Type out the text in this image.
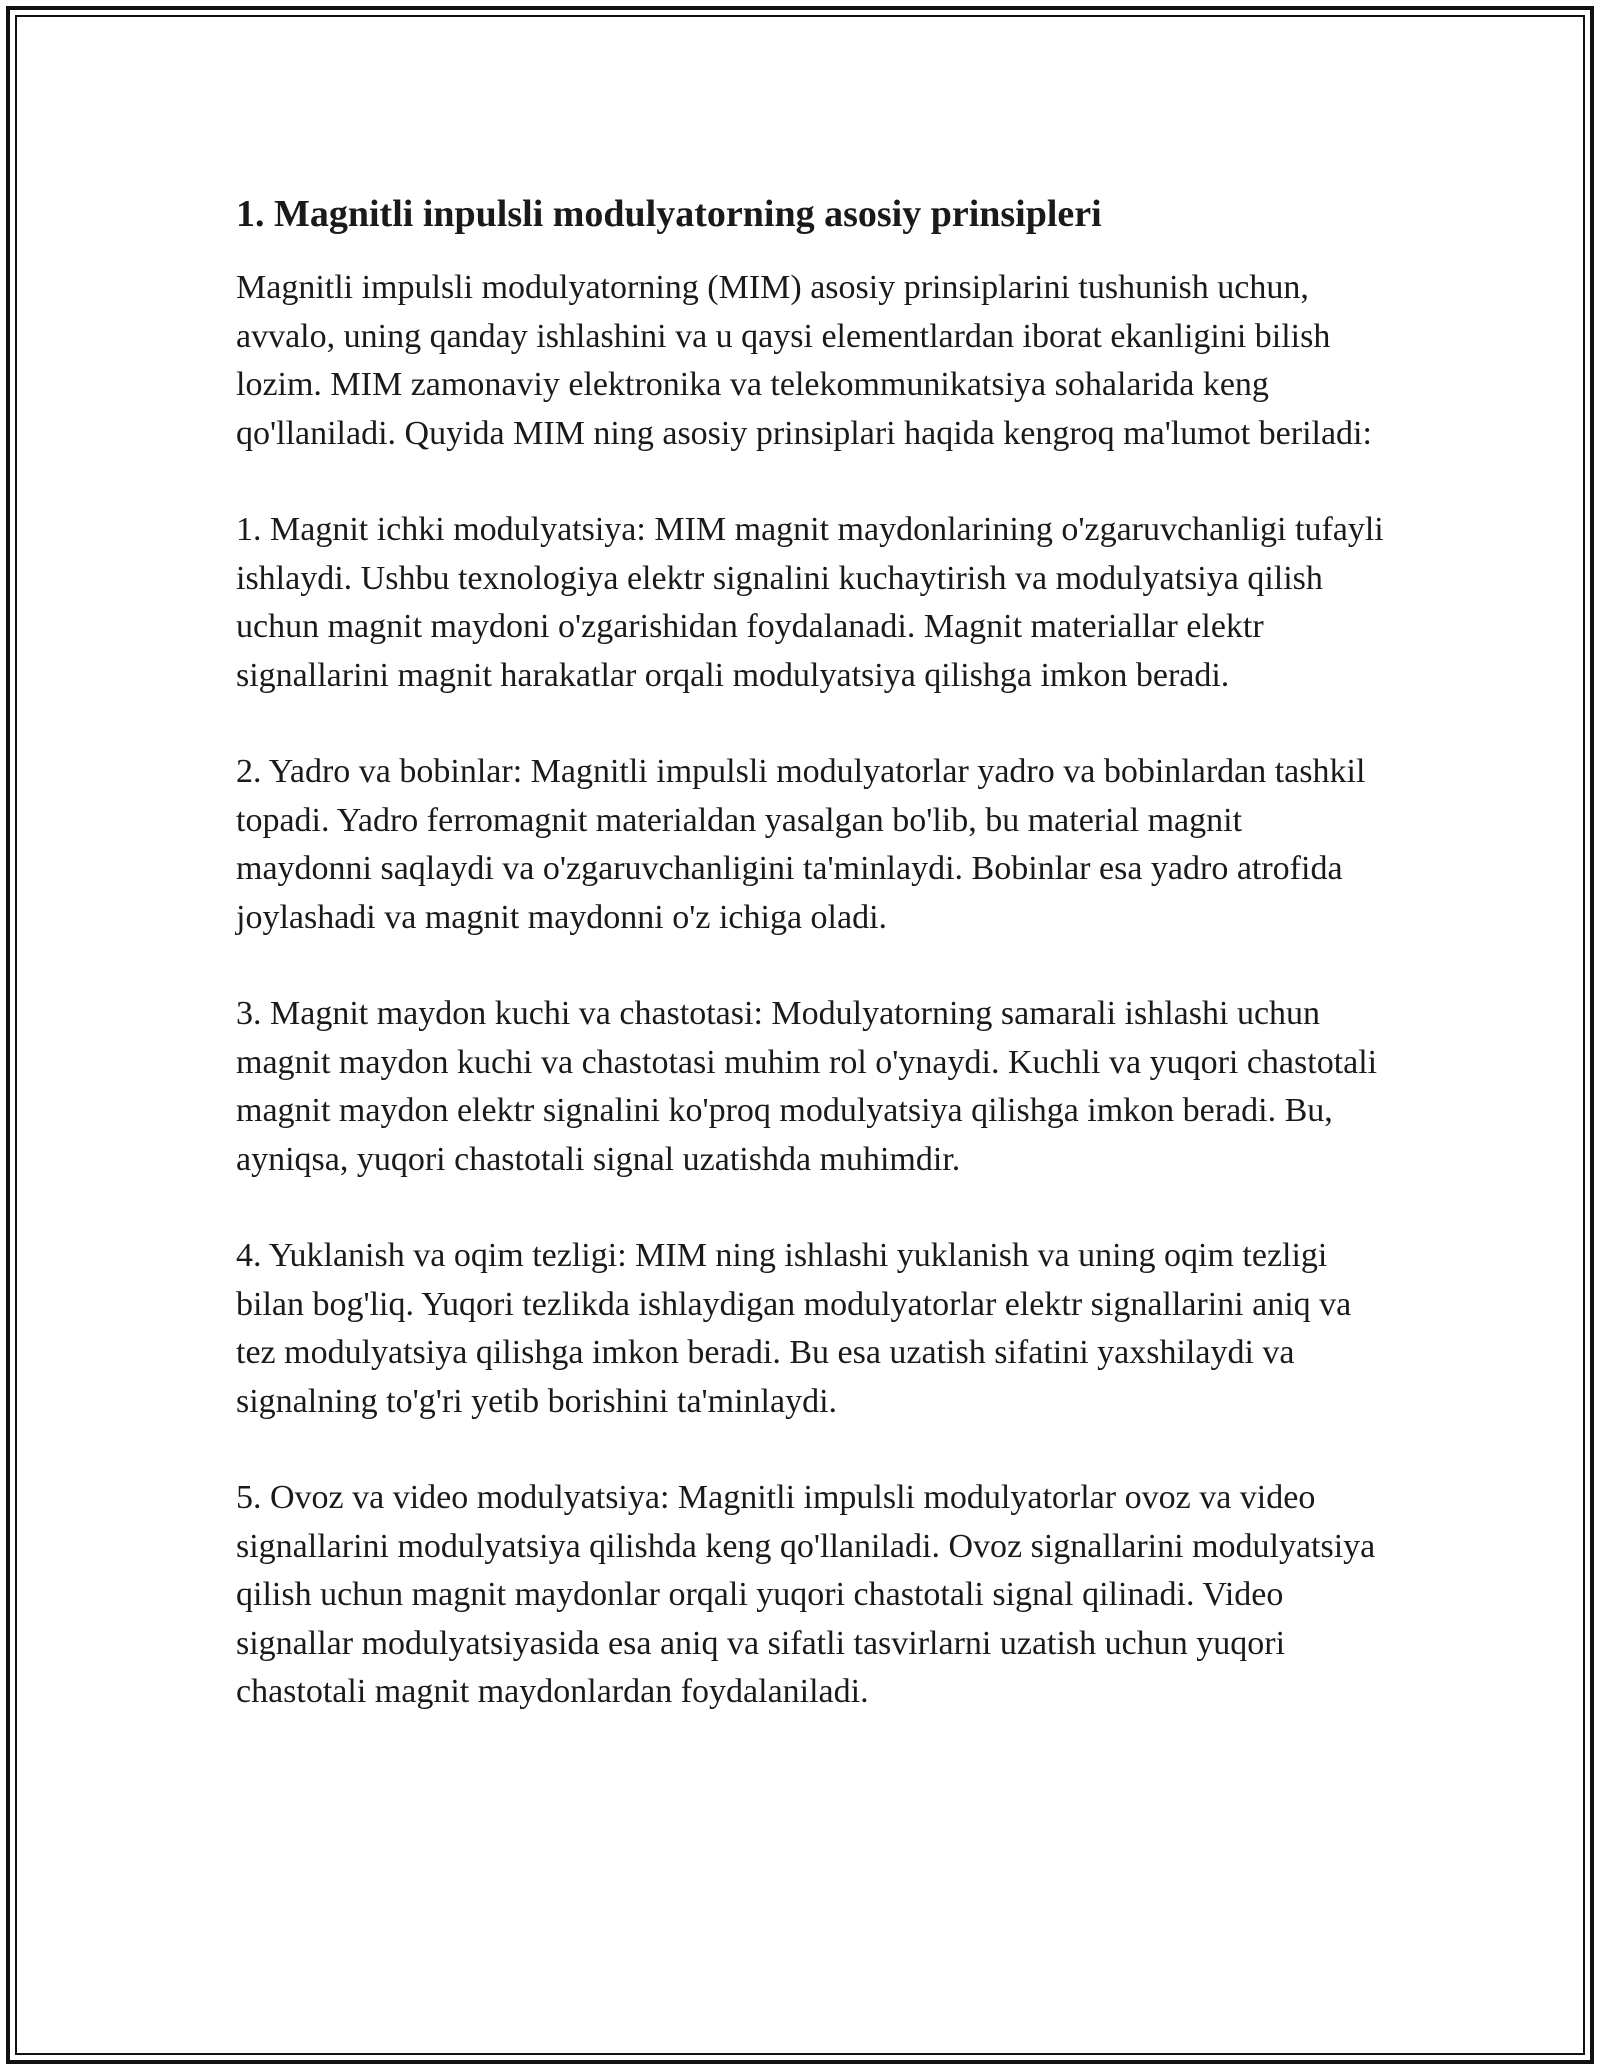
1. Magnitli inpulsli modulyatorning asosiy prinsipleri

Magnitli impulsli modulyatorning (MIM) asosiy prinsiplarini tushunish uchun, avvalo, uning qanday ishlashini va u qaysi elementlardan iborat ekanligini bilish lozim. MIM zamonaviy elektronika va telekommunikatsiya sohalarida keng qo'llaniladi. Quyida MIM ning asosiy prinsiplari haqida kengroq ma'lumot beriladi:

1. Magnit ichki modulyatsiya: MIM magnit maydonlarining o'zgaruvchanligi tufayli ishlaydi. Ushbu texnologiya elektr signalini kuchaytirish va modulyatsiya qilish uchun magnit maydoni o'zgarishidan foydalanadi. Magnit materiallar elektr signallarini magnit harakatlar orqali modulyatsiya qilishga imkon beradi.

2. Yadro va bobinlar: Magnitli impulsli modulyatorlar yadro va bobinlardan tashkil topadi. Yadro ferromagnit materialdan yasalgan bo'lib, bu material magnit maydonni saqlaydi va o'zgaruvchanligini ta'minlaydi. Bobinlar esa yadro atrofida joylashadi va magnit maydonni o'z ichiga oladi.

3. Magnit maydon kuchi va chastotasi: Modulyatorning samarali ishlashi uchun magnit maydon kuchi va chastotasi muhim rol o'ynaydi. Kuchli va yuqori chastotali magnit maydon elektr signalini ko'proq modulyatsiya qilishga imkon beradi. Bu, ayniqsa, yuqori chastotali signal uzatishda muhimdir.

4. Yuklanish va oqim tezligi: MIM ning ishlashi yuklanish va uning oqim tezligi bilan bog'liq. Yuqori tezlikda ishlaydigan modulyatorlar elektr signallarini aniq va tez modulyatsiya qilishga imkon beradi. Bu esa uzatish sifatini yaxshilaydi va signalning to'g'ri yetib borishini ta'minlaydi.

5. Ovoz va video modulyatsiya: Magnitli impulsli modulyatorlar ovoz va video signallarini modulyatsiya qilishda keng qo'llaniladi. Ovoz signallarini modulyatsiya qilish uchun magnit maydonlar orqali yuqori chastotali signal qilinadi. Video signallar modulyatsiyasida esa aniq va sifatli tasvirlarni uzatish uchun yuqori chastotali magnit maydonlardan foydalaniladi.
